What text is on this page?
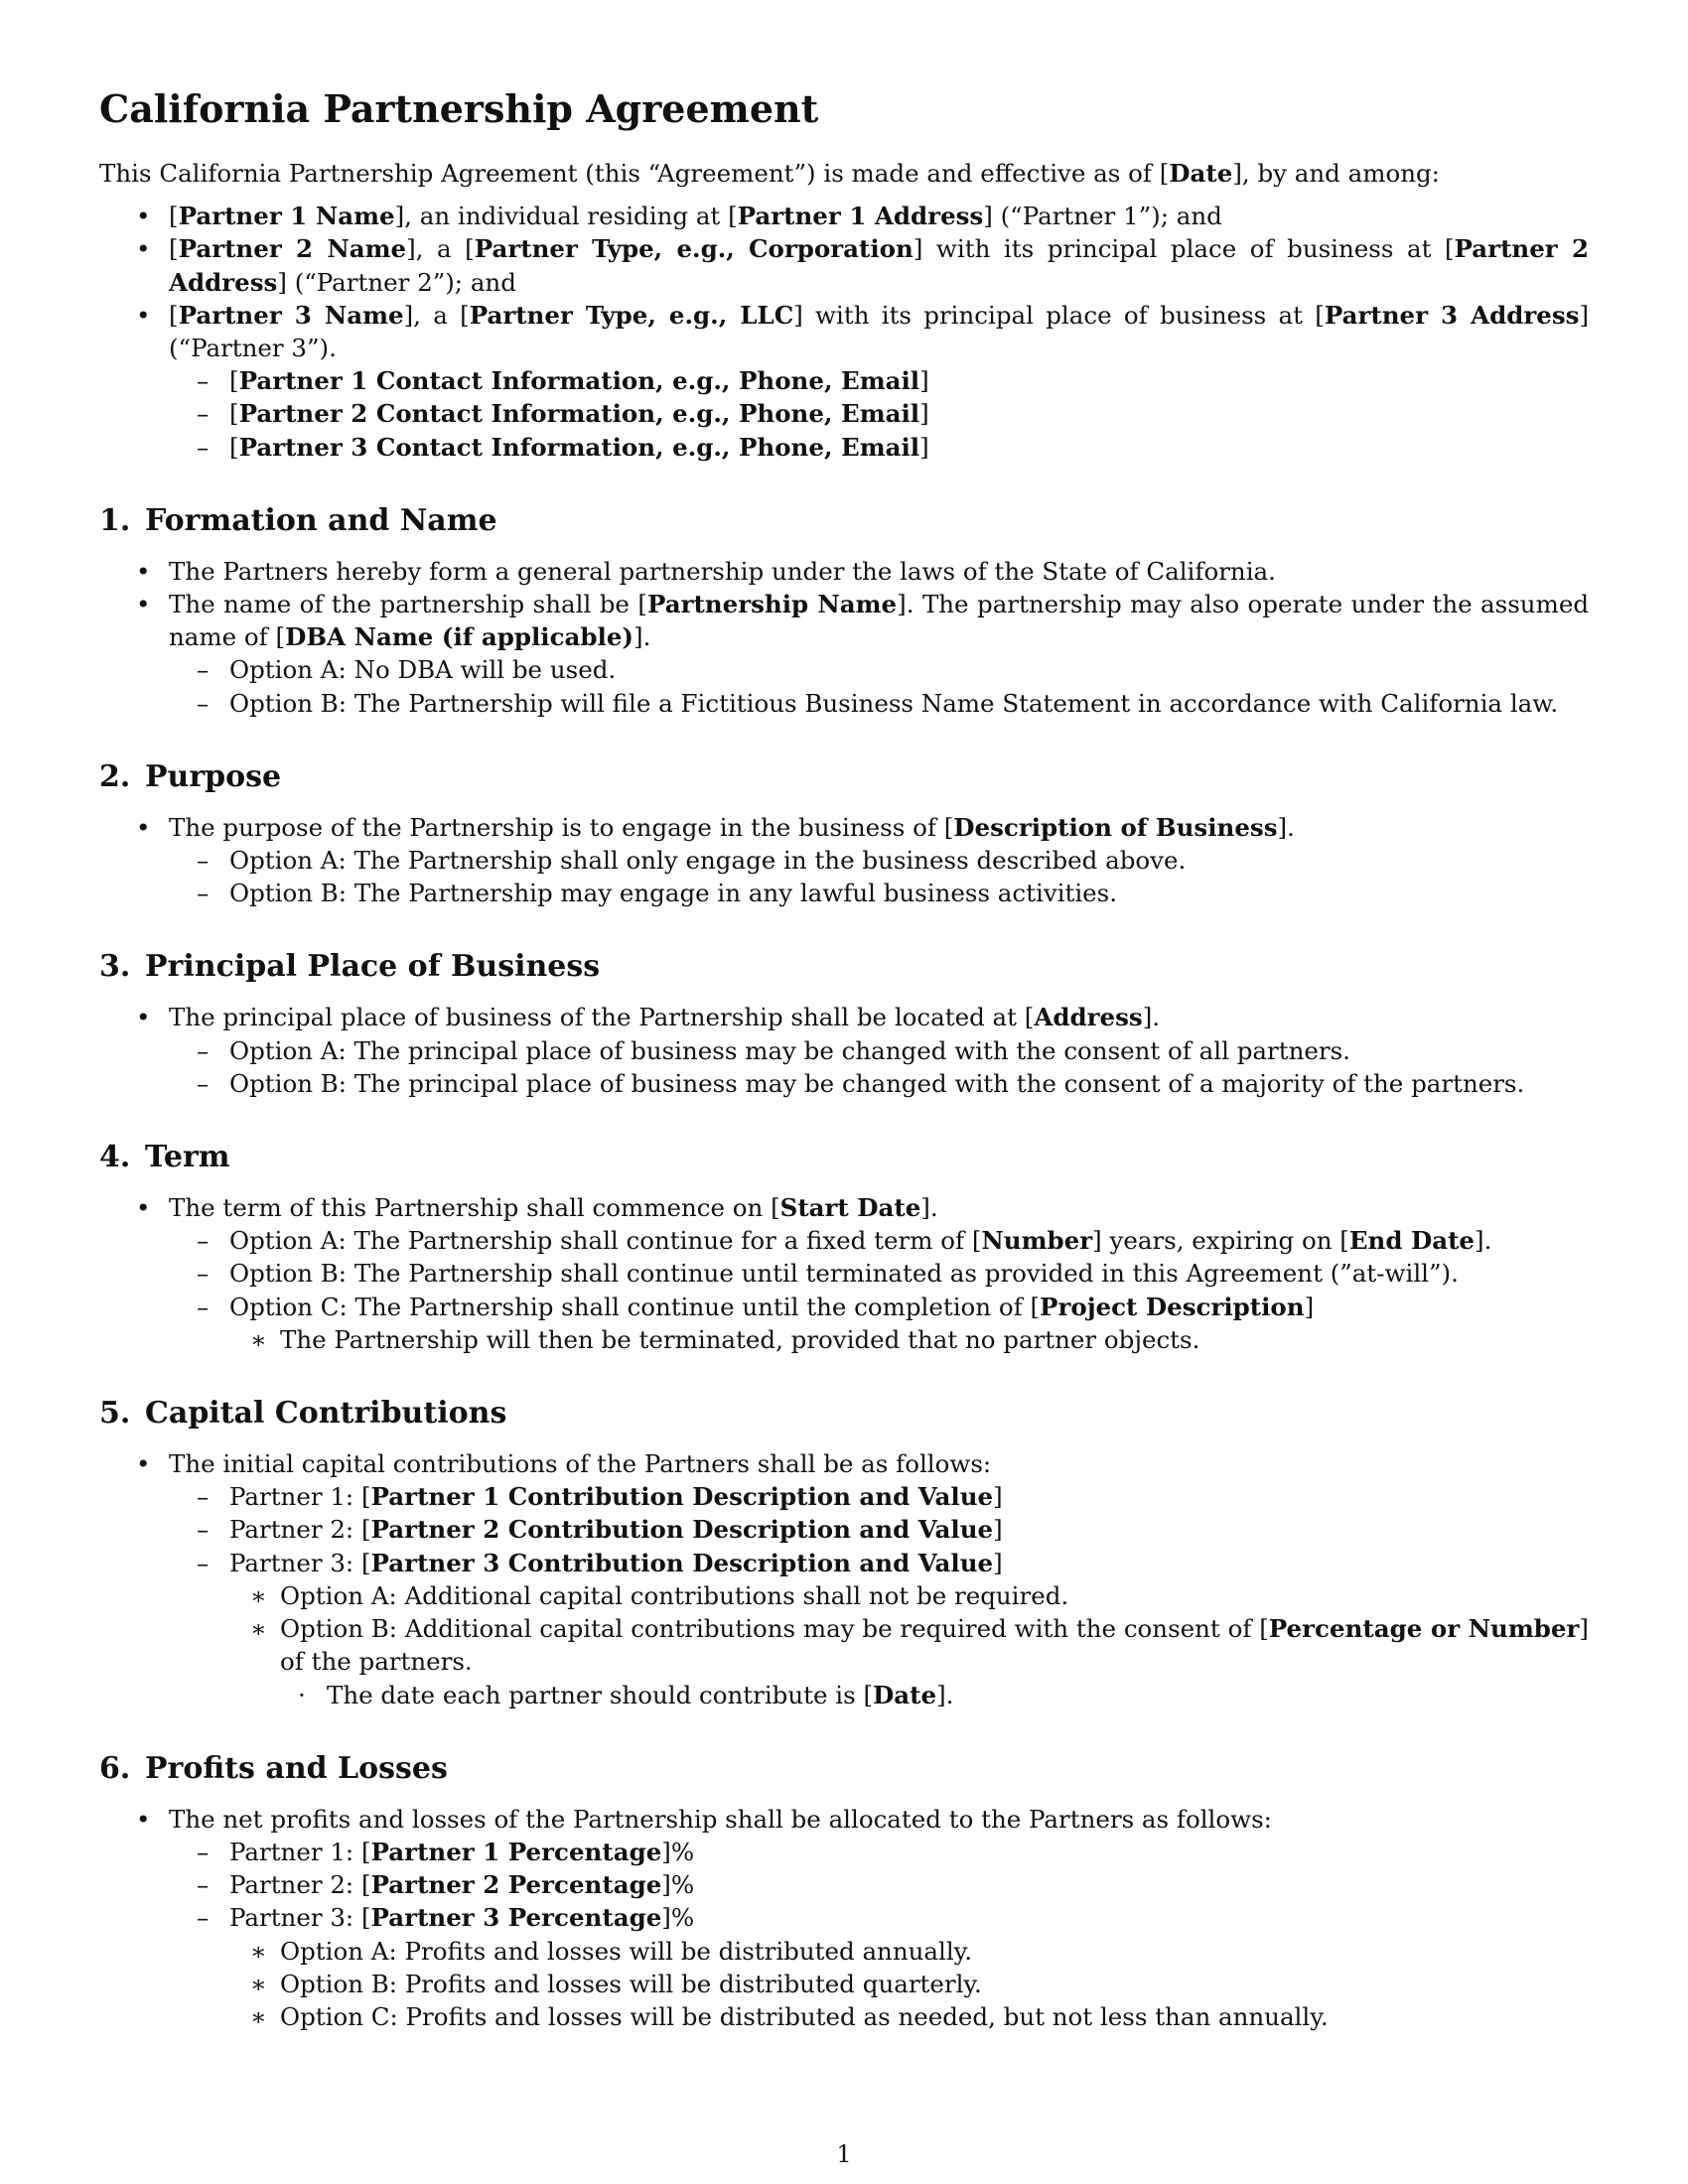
California Partnership Agreement

This California Partnership Agreement (this “Agreement”) is made and effective as of [Date], by and among:

• [Partner 1 Name], an individual residing at [Partner 1 Address] (“Partner 1”); and
• [Partner 2 Name], a [Partner Type, e.g., Corporation] with its principal place of business at [Partner 2 Address] (“Partner 2”); and
• [Partner 3 Name], a [Partner Type, e.g., LLC] with its principal place of business at [Partner 3 Address] (“Partner 3”).
– [Partner 1 Contact Information, e.g., Phone, Email]
– [Partner 2 Contact Information, e.g., Phone, Email]
– [Partner 3 Contact Information, e.g., Phone, Email]
1. Formation and Name
• The Partners hereby form a general partnership under the laws of the State of California.
• The name of the partnership shall be [Partnership Name]. The partnership may also operate under the assumed name of [DBA Name (if applicable)].
– Option A: No DBA will be used.
– Option B: The Partnership will file a Fictitious Business Name Statement in accordance with California law.
2. Purpose
• The purpose of the Partnership is to engage in the business of [Description of Business].
– Option A: The Partnership shall only engage in the business described above.
– Option B: The Partnership may engage in any lawful business activities.
3. Principal Place of Business
• The principal place of business of the Partnership shall be located at [Address].
– Option A: The principal place of business may be changed with the consent of all partners.
– Option B: The principal place of business may be changed with the consent of a majority of the partners.
4. Term
• The term of this Partnership shall commence on [Start Date].
– Option A: The Partnership shall continue for a fixed term of [Number] years, expiring on [End Date].
– Option B: The Partnership shall continue until terminated as provided in this Agreement (”at-will”).
– Option C: The Partnership shall continue until the completion of [Project Description]
∗ The Partnership will then be terminated, provided that no partner objects.
5. Capital Contributions
• The initial capital contributions of the Partners shall be as follows:
– Partner 1: [Partner 1 Contribution Description and Value]
– Partner 2: [Partner 2 Contribution Description and Value]
– Partner 3: [Partner 3 Contribution Description and Value]
∗ Option A: Additional capital contributions shall not be required.
∗ Option B: Additional capital contributions may be required with the consent of [Percentage or Number] of the partners.
· The date each partner should contribute is [Date].
6. Profits and Losses
• The net profits and losses of the Partnership shall be allocated to the Partners as follows:
– Partner 1: [Partner 1 Percentage]%
– Partner 2: [Partner 2 Percentage]%
– Partner 3: [Partner 3 Percentage]%
∗ Option A: Profits and losses will be distributed annually.
∗ Option B: Profits and losses will be distributed quarterly.
∗ Option C: Profits and losses will be distributed as needed, but not less than annually.
1
